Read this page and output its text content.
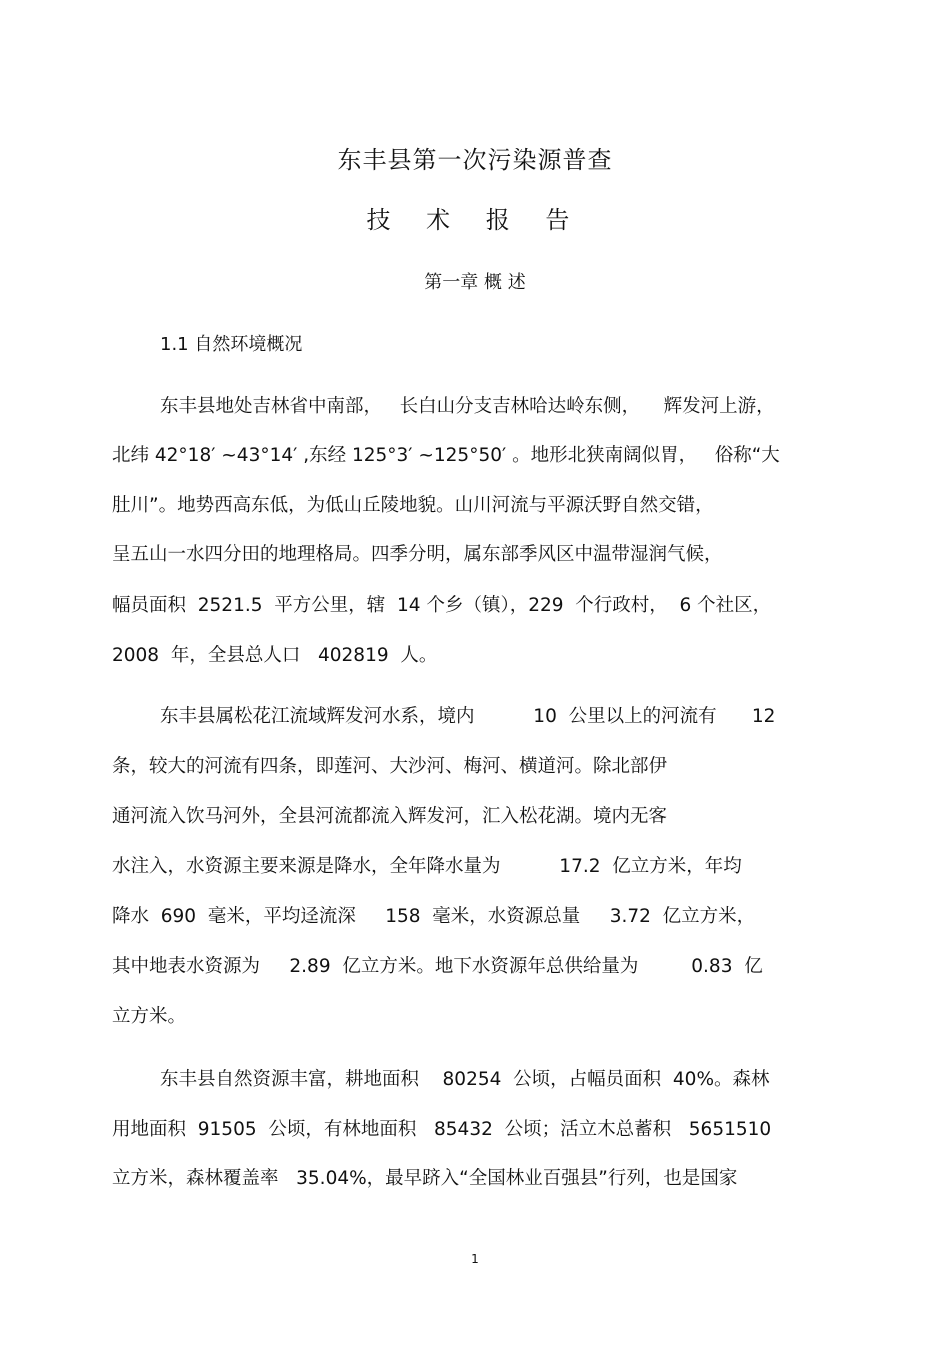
东丰县第一次污染源普查
技 术 报 告
第一章 概 述
1.1 自然环境概况

东丰县地处吉林省中南部，   长白山分支吉林哈达岭东侧，    辉发河上游，

北纬 42°18′ ~43°14′ ,东经 125°3′ ~125°50′ 。地形北狭南阔似胃，   俗称“大

肚川”。地势西高东低，为低山丘陵地貌。山川河流与平源沃野自然交错，

呈五山一水四分田的地理格局。四季分明，属东部季风区中温带湿润气候，

幅员面积  2521.5  平方公里，辖  14 个乡（镇），229  个行政村，  6 个社区，

2008  年，全县总人口   402819  人。

东丰县属松花江流域辉发河水系，境内          10  公里以上的河流有      12

条，较大的河流有四条，即莲河、大沙河、梅河、横道河。除北部伊

通河流入饮马河外，全县河流都流入辉发河，汇入松花湖。境内无客

水注入，水资源主要来源是降水，全年降水量为          17.2  亿立方米，年均

降水  690  毫米，平均迳流深     158  毫米，水资源总量     3.72  亿立方米，

其中地表水资源为     2.89  亿立方米。地下水资源年总供给量为         0.83  亿

立方米。

东丰县自然资源丰富，耕地面积    80254  公顷，占幅员面积  40%。森林

用地面积  91505  公顷，有林地面积   85432  公顷；活立木总蓄积   5651510

立方米，森林覆盖率   35.04%，最早跻入“全国林业百强县”行列，也是国家

1
